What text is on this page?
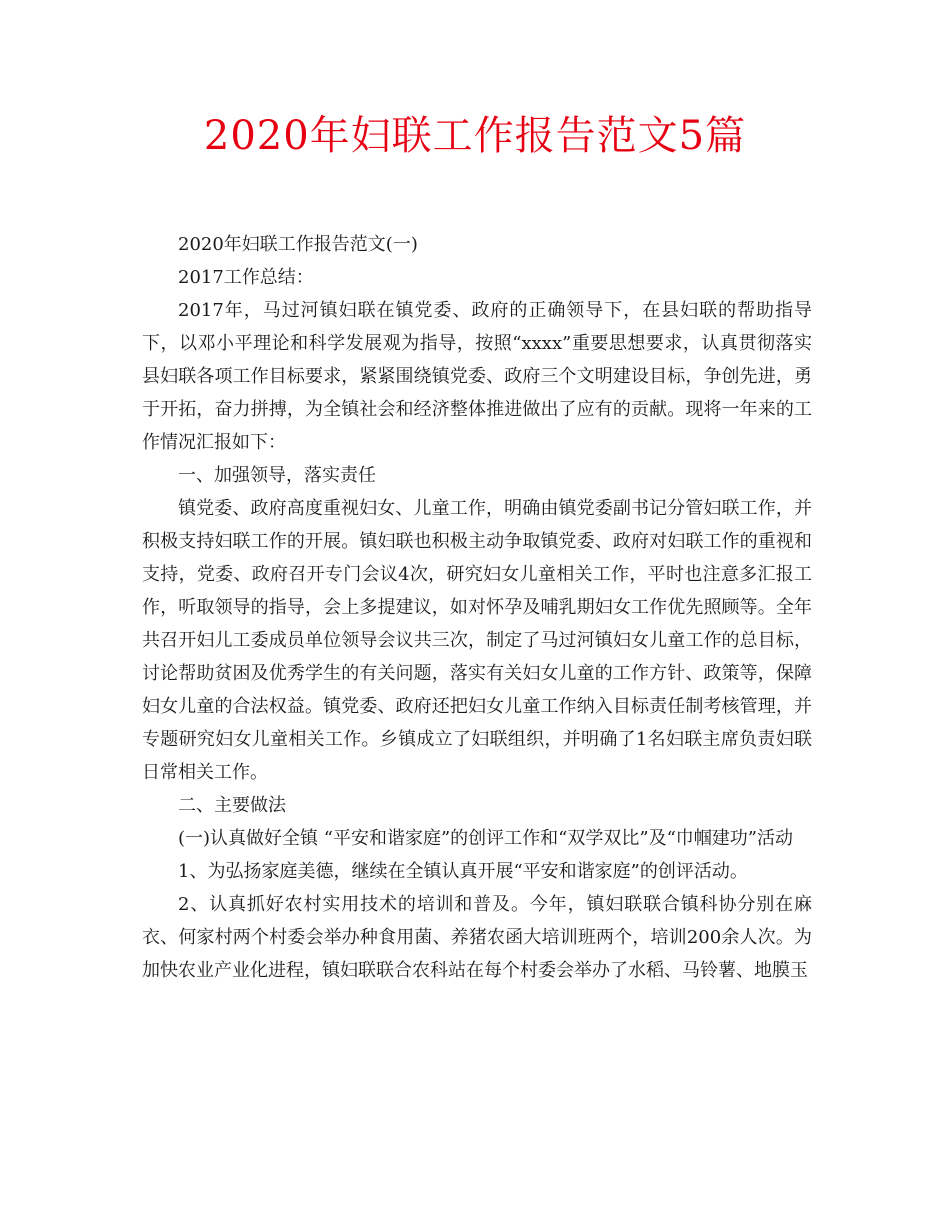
2020年妇联工作报告范文5篇

2020年妇联工作报告范文(一)

2017工作总结：

2017年，马过河镇妇联在镇党委、政府的正确领导下，在县妇联的帮助指导下，以邓小平理论和科学发展观为指导，按照“xxxx”重要思想要求，认真贯彻落实县妇联各项工作目标要求，紧紧围绕镇党委、政府三个文明建设目标，争创先进，勇于开拓，奋力拼搏，为全镇社会和经济整体推进做出了应有的贡献。现将一年来的工作情况汇报如下：

一、加强领导，落实责任

镇党委、政府高度重视妇女、儿童工作，明确由镇党委副书记分管妇联工作，并积极支持妇联工作的开展。镇妇联也积极主动争取镇党委、政府对妇联工作的重视和支持，党委、政府召开专门会议4次，研究妇女儿童相关工作，平时也注意多汇报工作，听取领导的指导，会上多提建议，如对怀孕及哺乳期妇女工作优先照顾等。全年共召开妇儿工委成员单位领导会议共三次，制定了马过河镇妇女儿童工作的总目标，讨论帮助贫困及优秀学生的有关问题，落实有关妇女儿童的工作方针、政策等，保障妇女儿童的合法权益。镇党委、政府还把妇女儿童工作纳入目标责任制考核管理，并专题研究妇女儿童相关工作。乡镇成立了妇联组织，并明确了1名妇联主席负责妇联日常相关工作。

二、主要做法

(一)认真做好全镇 “平安和谐家庭”的创评工作和“双学双比”及“巾帼建功”活动

1、为弘扬家庭美德，继续在全镇认真开展“平安和谐家庭”的创评活动。

2、认真抓好农村实用技术的培训和普及。今年，镇妇联联合镇科协分别在麻衣、何家村两个村委会举办种食用菌、养猪农函大培训班两个，培训200余人次。为加快农业产业化进程，镇妇联联合农科站在每个村委会举办了水稻、马铃薯、地膜玉
